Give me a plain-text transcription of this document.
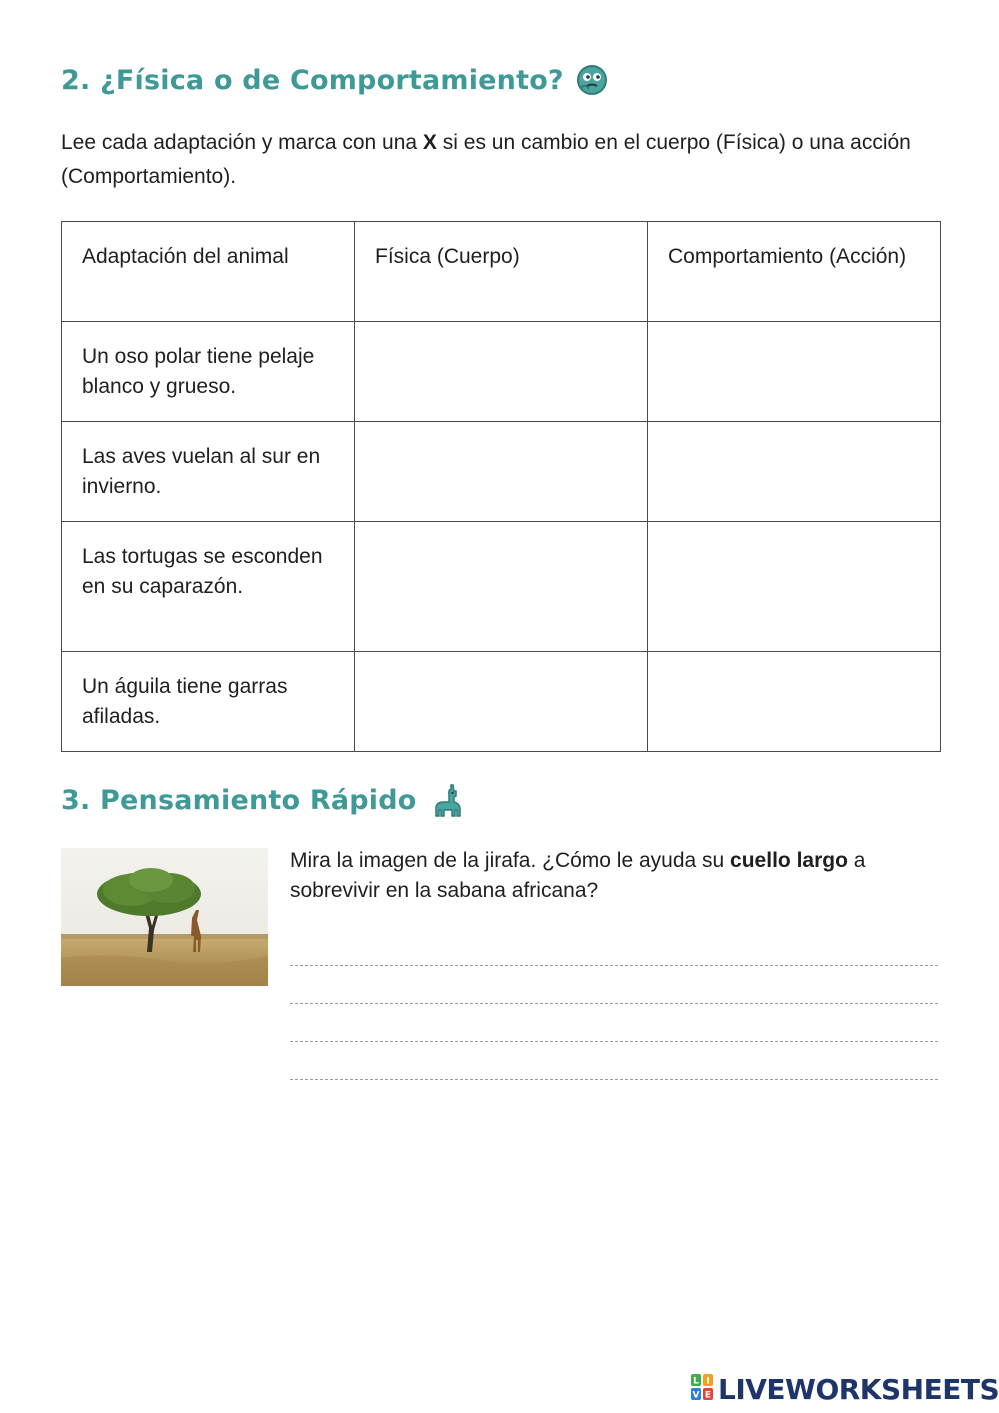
2. ¿Física o de Comportamiento?

Lee cada adaptación y marca con una X si es un cambio en el cuerpo (Física) o una acción (Comportamiento).

Adaptación del animal	Física (Cuerpo)	Comportamiento (Acción)
Un oso polar tiene pelaje blanco y grueso.		
Las aves vuelan al sur en invierno.		
Las tortugas se esconden en su caparazón.		
Un águila tiene garras afiladas.		
3. Pensamiento Rápido

Mira la imagen de la jirafa. ¿Cómo le ayuda su cuello largo a sobrevivir en la sabana africana?

L I
V E LIVEWORKSHEETS
